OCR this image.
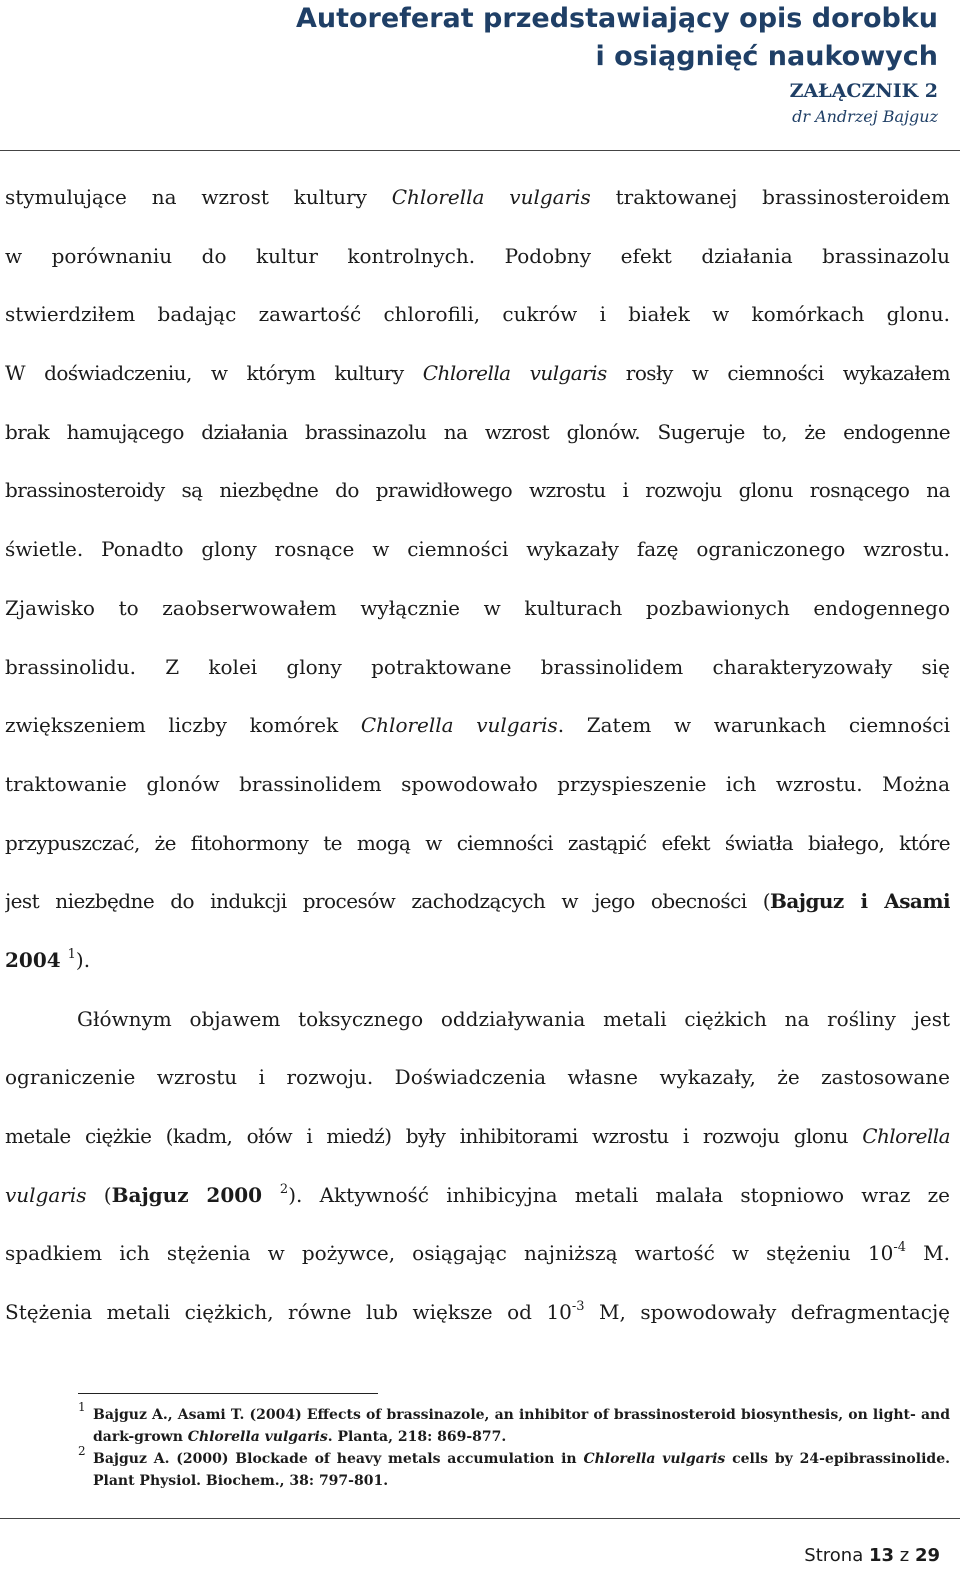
Autoreferat przedstawiający opis dorobku
i osiągnięć naukowych
ZAŁĄCZNIK 2
dr Andrzej Bajguz
stymulujące na wzrost kultury Chlorella vulgaris traktowanej brassinosteroidem
w porównaniu do kultur kontrolnych. Podobny efekt działania brassinazolu
stwierdziłem badając zawartość chlorofili, cukrów i białek w komórkach glonu.
W doświadczeniu, w którym kultury Chlorella vulgaris rosły w ciemności wykazałem
brak hamującego działania brassinazolu na wzrost glonów. Sugeruje to, że endogenne
brassinosteroidy są niezbędne do prawidłowego wzrostu i rozwoju glonu rosnącego na
świetle. Ponadto glony rosnące w ciemności wykazały fazę ograniczonego wzrostu.
Zjawisko to zaobserwowałem wyłącznie w kulturach pozbawionych endogennego
brassinolidu. Z kolei glony potraktowane brassinolidem charakteryzowały się
zwiększeniem liczby komórek Chlorella vulgaris. Zatem w warunkach ciemności
traktowanie glonów brassinolidem spowodowało przyspieszenie ich wzrostu. Można
przypuszczać, że fitohormony te mogą w ciemności zastąpić efekt światła białego, które
jest niezbędne do indukcji procesów zachodzących w jego obecności (Bajguz i Asami
2004 $^1$).
Głównym objawem toksycznego oddziaływania metali ciężkich na rośliny jest
ograniczenie wzrostu i rozwoju. Doświadczenia własne wykazały, że zastosowane
metale ciężkie (kadm, ołów i miedź) były inhibitorami wzrostu i rozwoju glonu Chlorella
vulgaris (Bajguz 2000 $^2$). Aktywność inhibicyjna metali malała stopniowo wraz ze
spadkiem ich stężenia w pożywce, osiągając najniższą wartość w stężeniu $10^{-4}$ M.
Stężenia metali ciężkich, równe lub większe od $10^{-3}$ M, spowodowały defragmentację
1 Bajguz A., Asami T. (2004) Effects of brassinazole, an inhibitor of brassinosteroid biosynthesis, on light- and dark-grown Chlorella vulgaris. Planta, 218: 869-877.
2 Bajguz A. (2000) Blockade of heavy metals accumulation in Chlorella vulgaris cells by 24-epibrassinolide. Plant Physiol. Biochem., 38: 797-801.
Strona 13 z 29
